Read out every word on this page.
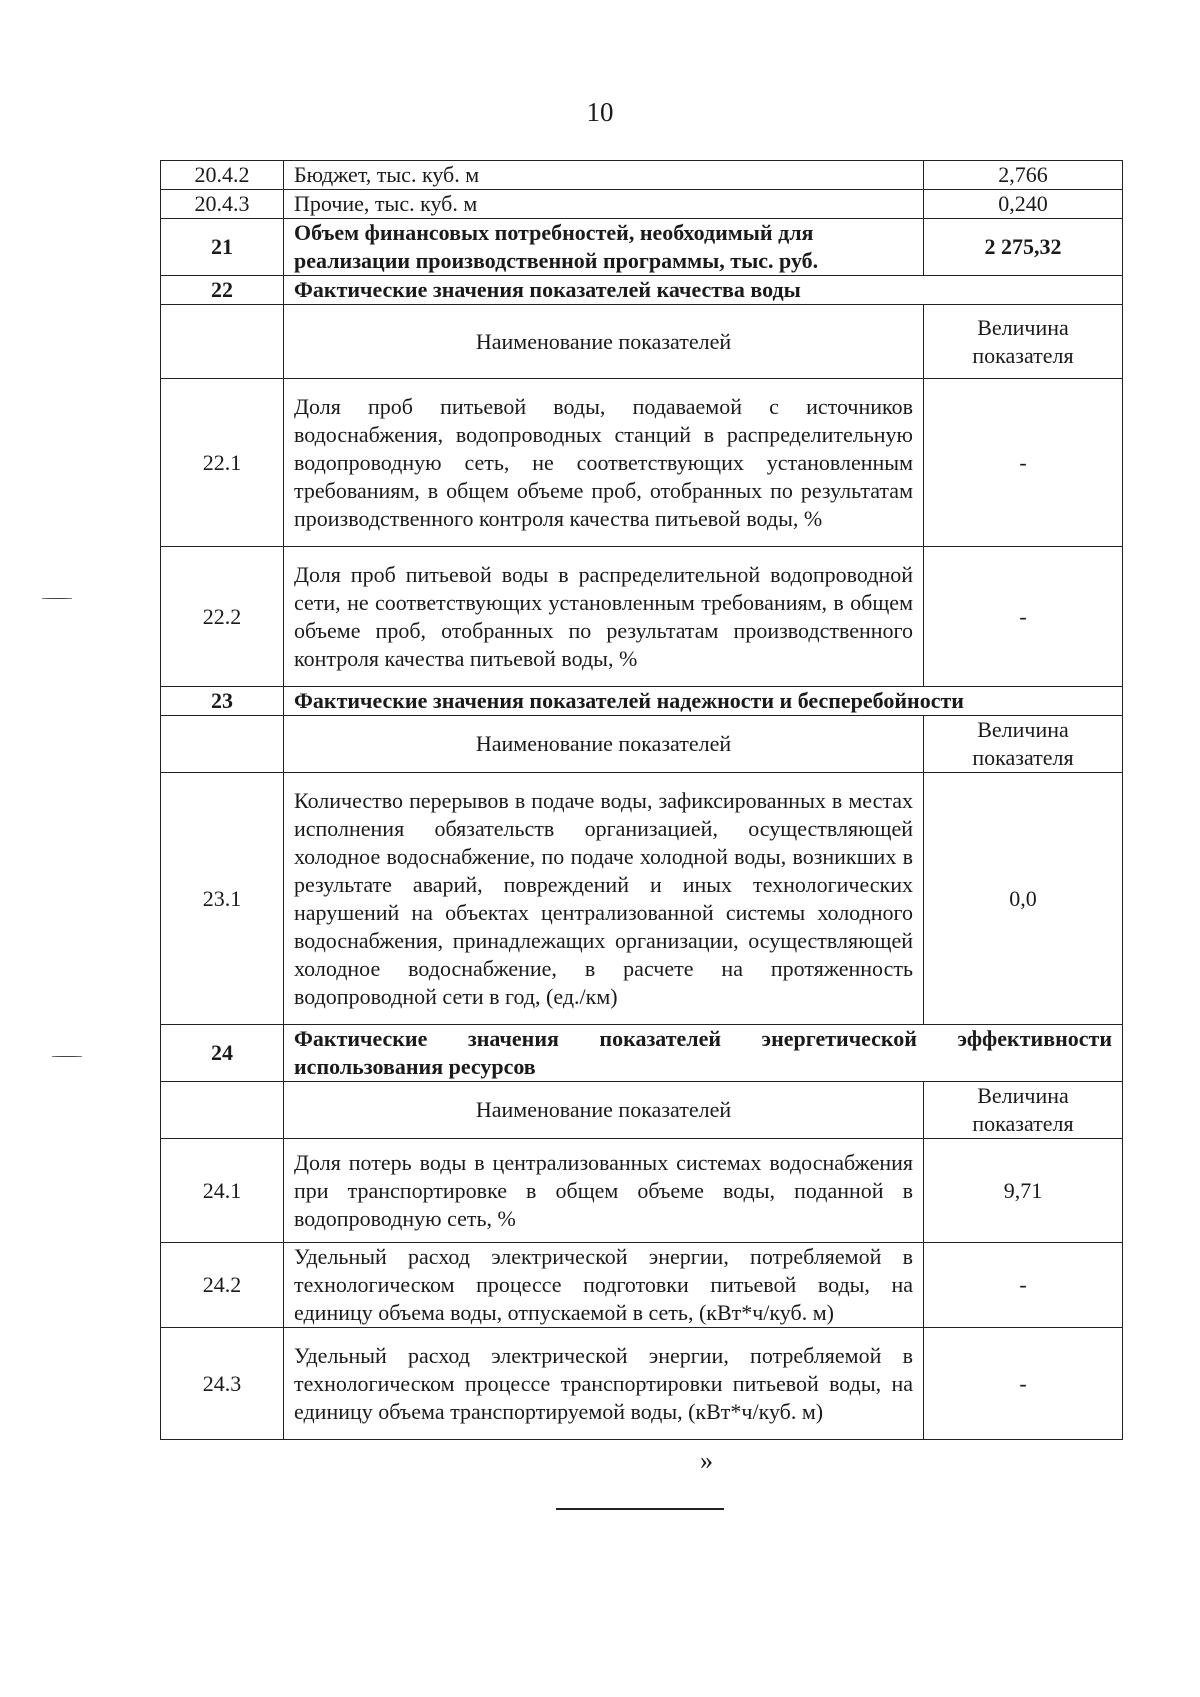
10
20.4.2	Бюджет, тыс. куб. м	2,766
20.4.3	Прочие, тыс. куб. м	0,240
21	Объем финансовых потребностей, необходимый для реализации производственной программы, тыс. руб.	2 275,32
22	Фактические значения показателей качества воды	
	Наименование показателей	Величина показателя
22.1	Доля проб питьевой воды, подаваемой с источников водоснабжения, водопроводных станций в распределительную водопроводную сеть, не соответствующих установленным требованиям, в общем объеме проб, отобранных по результатам производственного контроля качества питьевой воды, %	-
22.2	Доля проб питьевой воды в распределительной водопроводной сети, не соответствующих установленным требованиям, в общем объеме проб, отобранных по результатам производственного контроля качества питьевой воды, %	-
23	Фактические значения показателей надежности и бесперебойности	
	Наименование показателей	Величина показателя
23.1	Количество перерывов в подаче воды, зафиксированных в местах исполнения обязательств организацией, осуществляющей холодное водоснабжение, по подаче холодной воды, возникших в результате аварий, повреждений и иных технологических нарушений на объектах централизованной системы холодного водоснабжения, принадлежащих организации, осуществляющей холодное водоснабжение, в расчете на протяженность водопроводной сети в год, (ед./км)	0,0
24	Фактические значения показателей энергетической эффективности использования ресурсов	
	Наименование показателей	Величина показателя
24.1	Доля потерь воды в централизованных системах водоснабжения при транспортировке в общем объеме воды, поданной в водопроводную сеть, %	9,71
24.2	Удельный расход электрической энергии, потребляемой в технологическом процессе подготовки питьевой воды, на единицу объема воды, отпускаемой в сеть, (кВт*ч/куб. м)	-
24.3	Удельный расход электрической энергии, потребляемой в технологическом процессе транспортировки питьевой воды, на единицу объема транспортируемой воды, (кВт*ч/куб. м)	-
»
